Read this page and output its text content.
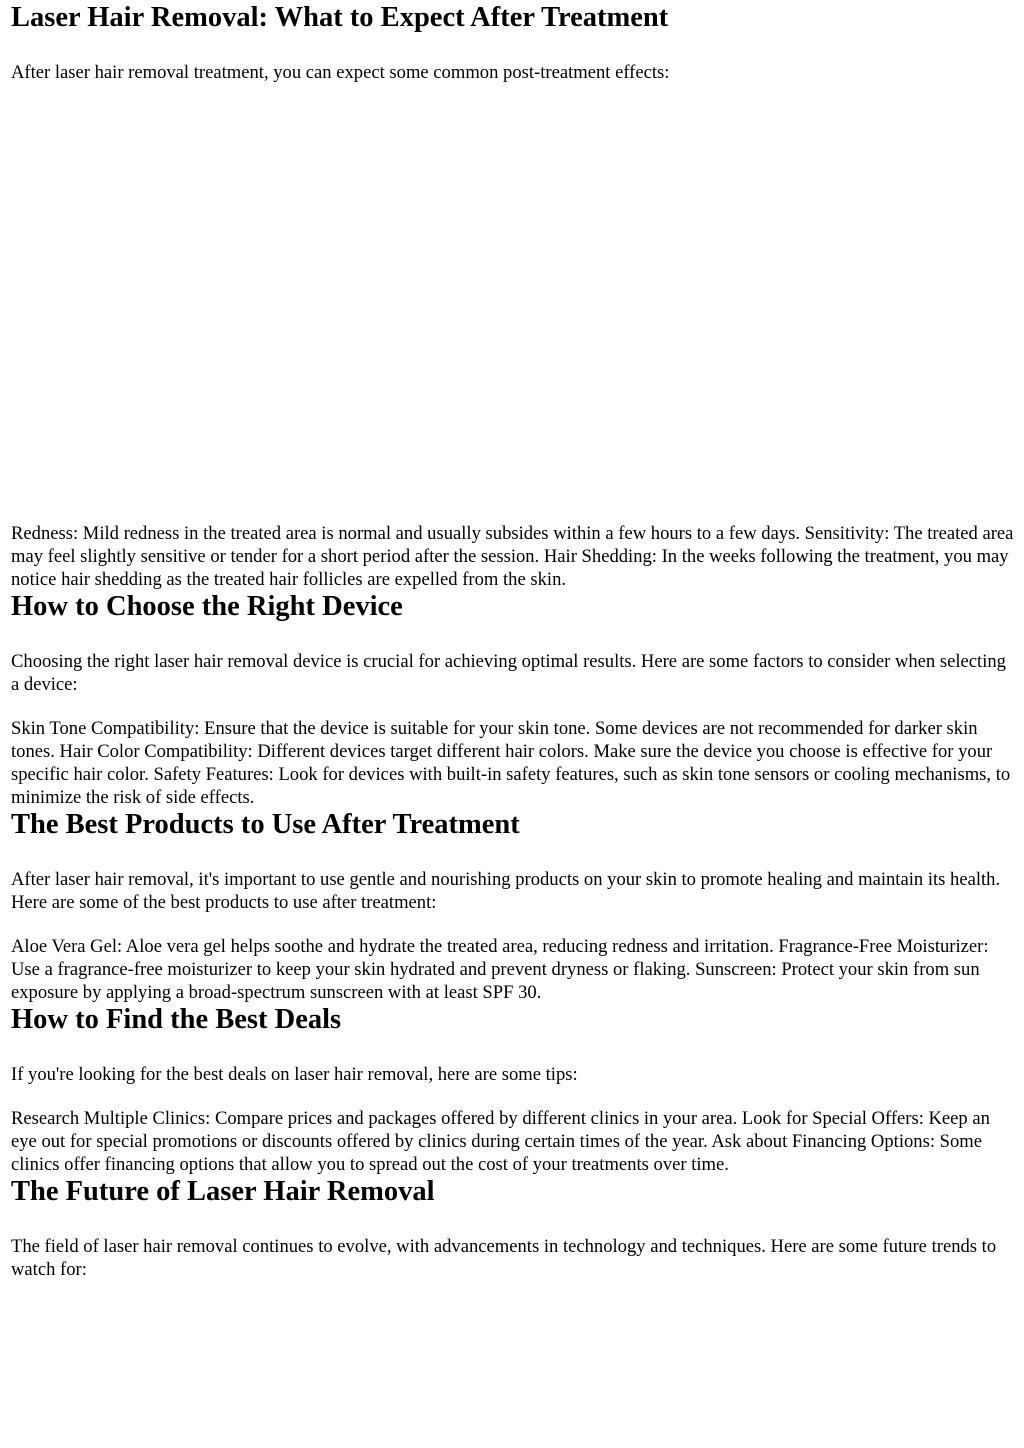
Laser Hair Removal: What to Expect After Treatment

After laser hair removal treatment, you can expect some common post-treatment effects:

Redness: Mild redness in the treated area is normal and usually subsides within a few hours to a few days. Sensitivity: The treated area may feel slightly sensitive or tender for a short period after the session. Hair Shedding: In the weeks following the treatment, you may notice hair shedding as the treated hair follicles are expelled from the skin.

How to Choose the Right Device

Choosing the right laser hair removal device is crucial for achieving optimal results. Here are some factors to consider when selecting a device:

Skin Tone Compatibility: Ensure that the device is suitable for your skin tone. Some devices are not recommended for darker skin tones. Hair Color Compatibility: Different devices target different hair colors. Make sure the device you choose is effective for your specific hair color. Safety Features: Look for devices with built-in safety features, such as skin tone sensors or cooling mechanisms, to minimize the risk of side effects.

The Best Products to Use After Treatment

After laser hair removal, it's important to use gentle and nourishing products on your skin to promote healing and maintain its health. Here are some of the best products to use after treatment:

Aloe Vera Gel: Aloe vera gel helps soothe and hydrate the treated area, reducing redness and irritation. Fragrance-Free Moisturizer: Use a fragrance-free moisturizer to keep your skin hydrated and prevent dryness or flaking. Sunscreen: Protect your skin from sun exposure by applying a broad-spectrum sunscreen with at least SPF 30.

How to Find the Best Deals

If you're looking for the best deals on laser hair removal, here are some tips:

Research Multiple Clinics: Compare prices and packages offered by different clinics in your area. Look for Special Offers: Keep an eye out for special promotions or discounts offered by clinics during certain times of the year. Ask about Financing Options: Some clinics offer financing options that allow you to spread out the cost of your treatments over time.

The Future of Laser Hair Removal

The field of laser hair removal continues to evolve, with advancements in technology and techniques. Here are some future trends to watch for:
